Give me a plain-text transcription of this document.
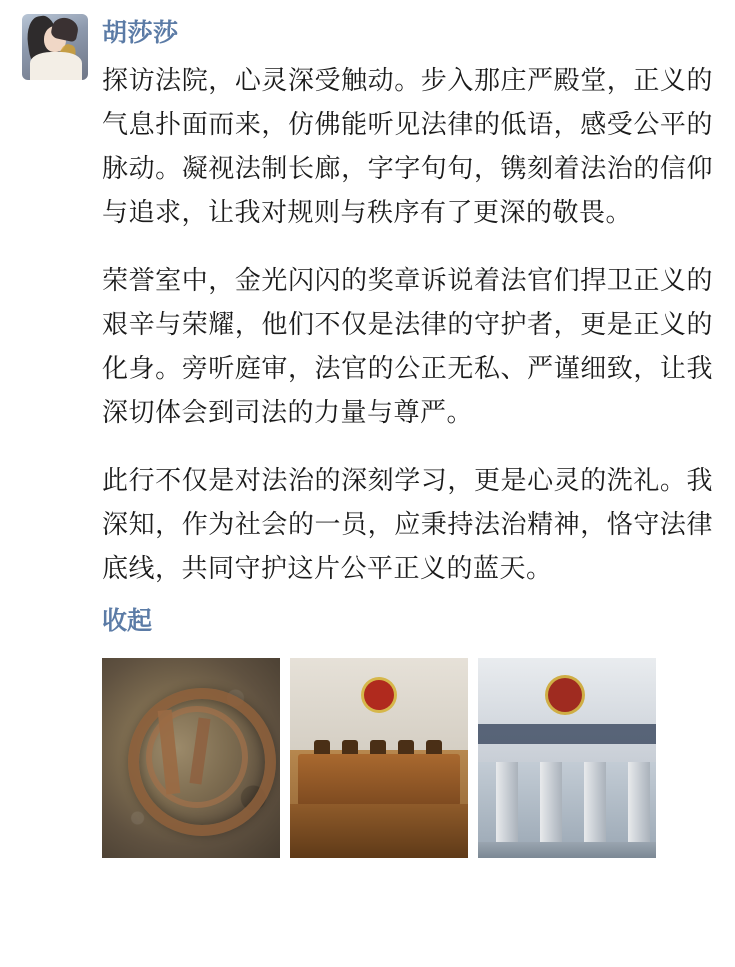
胡莎莎

探访法院，心灵深受触动。步入那庄严殿堂，正义的气息扑面而来，仿佛能听见法律的低语，感受公平的脉动。凝视法制长廊，字字句句，镌刻着法治的信仰与追求，让我对规则与秩序有了更深的敬畏。

荣誉室中，金光闪闪的奖章诉说着法官们捍卫正义的艰辛与荣耀，他们不仅是法律的守护者，更是正义的化身。旁听庭审，法官的公正无私、严谨细致，让我深切体会到司法的力量与尊严。

此行不仅是对法治的深刻学习，更是心灵的洗礼。我深知，作为社会的一员，应秉持法治精神，恪守法律底线，共同守护这片公平正义的蓝天。

收起
